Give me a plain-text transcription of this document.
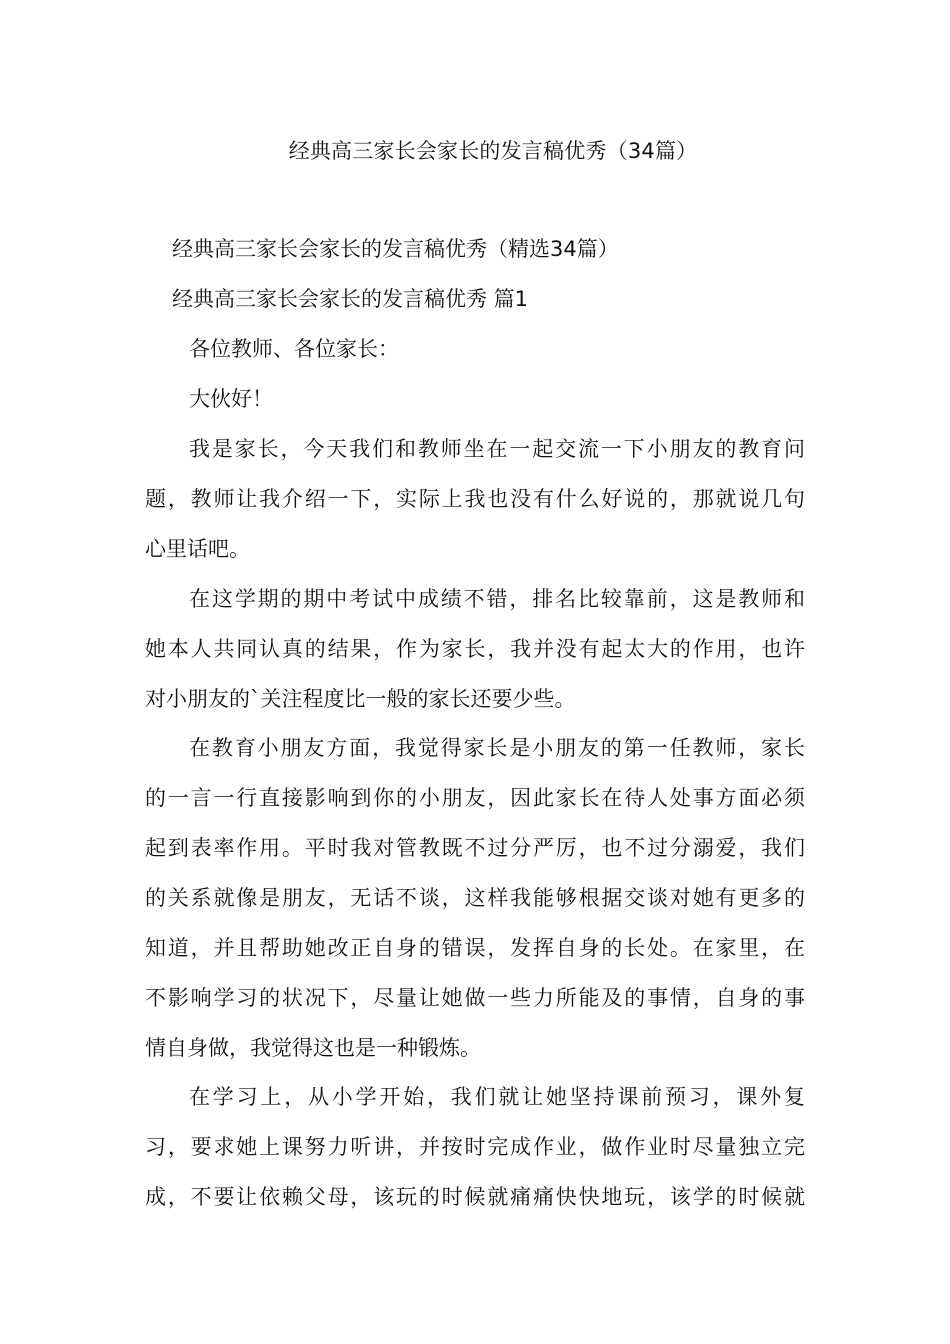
经典高三家长会家长的发言稿优秀（34篇）

经典高三家长会家长的发言稿优秀（精选34篇）

经典高三家长会家长的发言稿优秀 篇1

各位教师、各位家长：

大伙好！

我是家长，今天我们和教师坐在一起交流一下小朋友的教育问
题，教师让我介绍一下，实际上我也没有什么好说的，那就说几句
心里话吧。
在这学期的期中考试中成绩不错，排名比较靠前，这是教师和
她本人共同认真的结果，作为家长，我并没有起太大的作用，也许
对小朋友的`关注程度比一般的家长还要少些。
在教育小朋友方面，我觉得家长是小朋友的第一任教师，家长
的一言一行直接影响到你的小朋友，因此家长在待人处事方面必须
起到表率作用。平时我对管教既不过分严厉，也不过分溺爱，我们
的关系就像是朋友，无话不谈，这样我能够根据交谈对她有更多的
知道，并且帮助她改正自身的错误，发挥自身的长处。在家里，在
不影响学习的状况下，尽量让她做一些力所能及的事情，自身的事
情自身做，我觉得这也是一种锻炼。
在学习上，从小学开始，我们就让她坚持课前预习，课外复
习，要求她上课努力听讲，并按时完成作业，做作业时尽量独立完
成，不要让依赖父母，该玩的时候就痛痛快快地玩，该学的时候就
